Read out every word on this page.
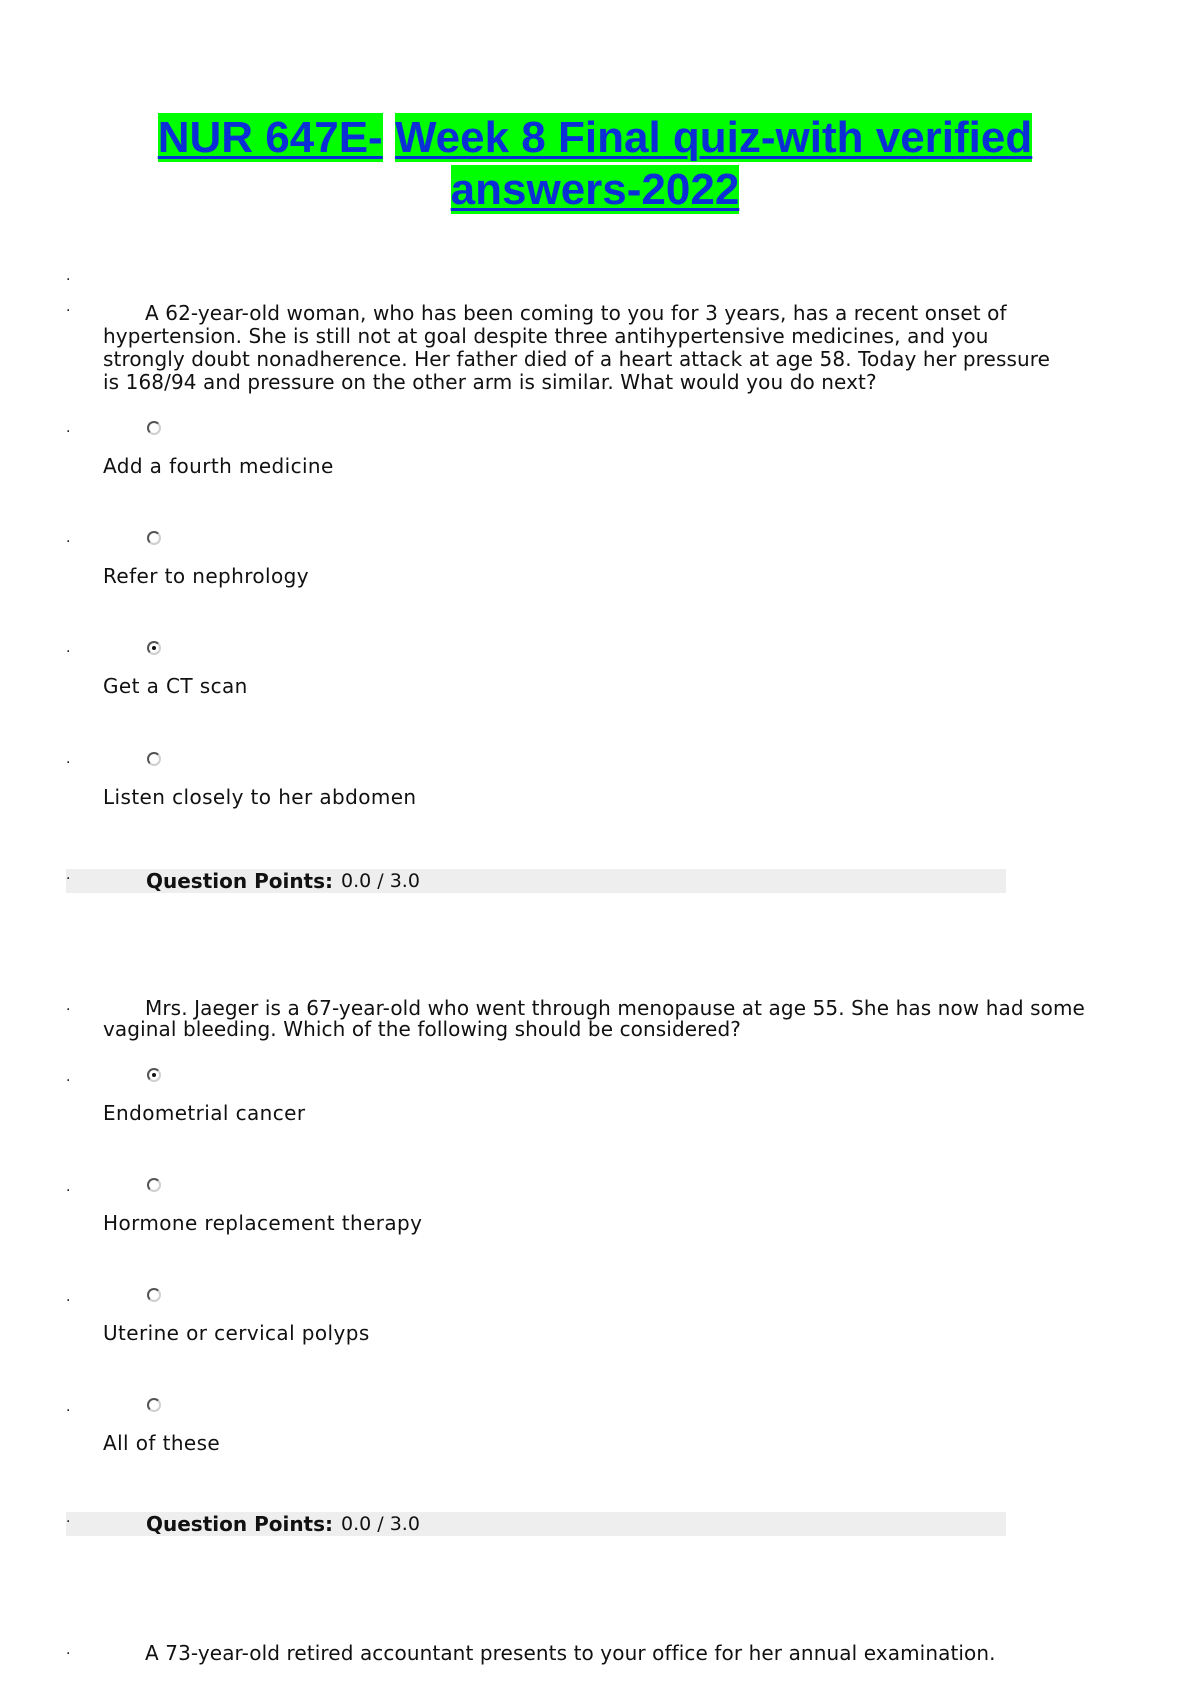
NUR 647E- Week 8 Final quiz-with verified
answers-2022
·
·	A 62-year-old woman, who has been coming to you for 3 years, has a recent onset of hypertension. She is still not at goal despite three antihypertensive medicines, and you strongly doubt nonadherence. Her father died of a heart attack at age 58. Today her pressure is 168/94 and pressure on the other arm is similar. What would you do next?
·
Add a fourth medicine
·
Refer to nephrology
·
Get a CT scan
·
Listen closely to her abdomen
·	Question Points: 0.0 / 3.0
·	Mrs. Jaeger is a 67-year-old who went through menopause at age 55. She has now had some vaginal bleeding. Which of the following should be considered?
·
Endometrial cancer
·
Hormone replacement therapy
·
Uterine or cervical polyps
·
All of these
·	Question Points: 0.0 / 3.0
·	A 73-year-old retired accountant presents to your office for her annual examination.
